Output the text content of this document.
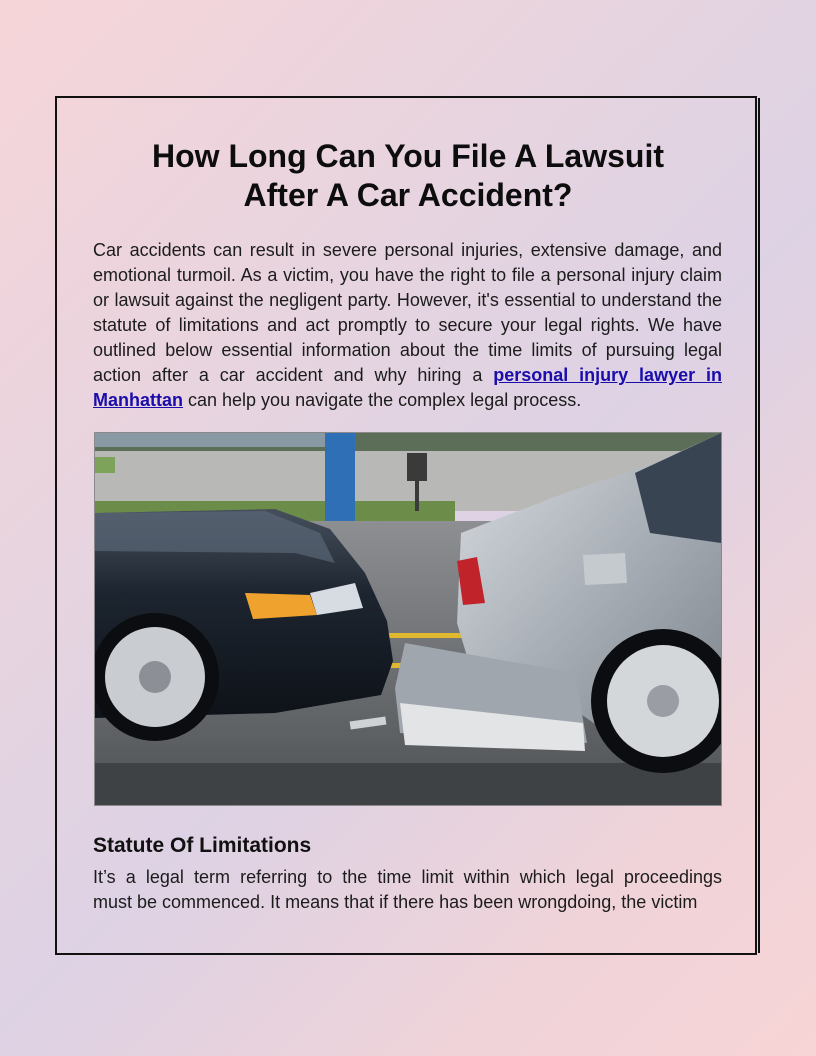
How Long Can You File A Lawsuit
After A Car Accident?

Car accidents can result in severe personal injuries, extensive damage, and emotional turmoil. As a victim, you have the right to file a personal injury claim or lawsuit against the negligent party. However, it's essential to understand the statute of limitations and act promptly to secure your legal rights. We have outlined below essential information about the time limits of pursuing legal action after a car accident and why hiring a personal injury lawyer in Manhattan can help you navigate the complex legal process.

Statute Of Limitations

It’s a legal term referring to the time limit within which legal proceedings
must be commenced. It means that if there has been wrongdoing, the victim
